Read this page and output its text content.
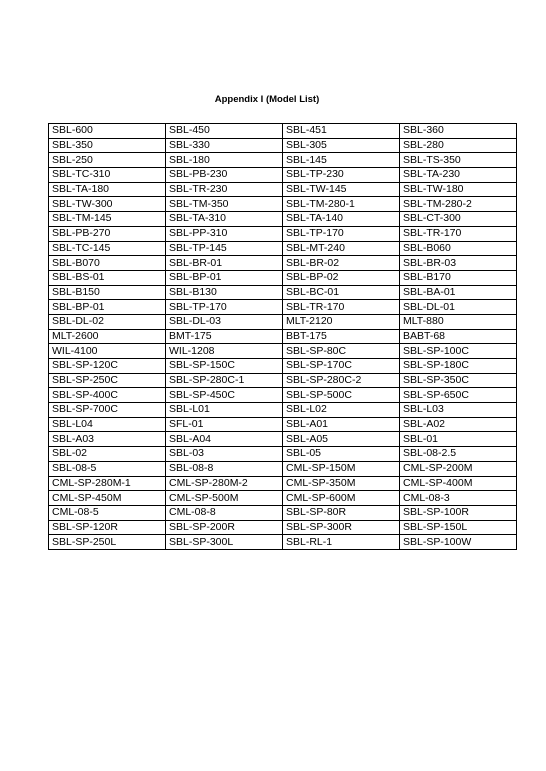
Appendix I (Model List)
SBL-600	SBL-450	SBL-451	SBL-360
SBL-350	SBL-330	SBL-305	SBL-280
SBL-250	SBL-180	SBL-145	SBL-TS-350
SBL-TC-310	SBL-PB-230	SBL-TP-230	SBL-TA-230
SBL-TA-180	SBL-TR-230	SBL-TW-145	SBL-TW-180
SBL-TW-300	SBL-TM-350	SBL-TM-280-1	SBL-TM-280-2
SBL-TM-145	SBL-TA-310	SBL-TA-140	SBL-CT-300
SBL-PB-270	SBL-PP-310	SBL-TP-170	SBL-TR-170
SBL-TC-145	SBL-TP-145	SBL-MT-240	SBL-B060
SBL-B070	SBL-BR-01	SBL-BR-02	SBL-BR-03
SBL-BS-01	SBL-BP-01	SBL-BP-02	SBL-B170
SBL-B150	SBL-B130	SBL-BC-01	SBL-BA-01
SBL-BP-01	SBL-TP-170	SBL-TR-170	SBL-DL-01
SBL-DL-02	SBL-DL-03	MLT-2120	MLT-880
MLT-2600	BMT-175	BBT-175	BABT-68
WIL-4100	WIL-1208	SBL-SP-80C	SBL-SP-100C
SBL-SP-120C	SBL-SP-150C	SBL-SP-170C	SBL-SP-180C
SBL-SP-250C	SBL-SP-280C-1	SBL-SP-280C-2	SBL-SP-350C
SBL-SP-400C	SBL-SP-450C	SBL-SP-500C	SBL-SP-650C
SBL-SP-700C	SBL-L01	SBL-L02	SBL-L03
SBL-L04	SFL-01	SBL-A01	SBL-A02
SBL-A03	SBL-A04	SBL-A05	SBL-01
SBL-02	SBL-03	SBL-05	SBL-08-2.5
SBL-08-5	SBL-08-8	CML-SP-150M	CML-SP-200M
CML-SP-280M-1	CML-SP-280M-2	CML-SP-350M	CML-SP-400M
CML-SP-450M	CML-SP-500M	CML-SP-600M	CML-08-3
CML-08-5	CML-08-8	SBL-SP-80R	SBL-SP-100R
SBL-SP-120R	SBL-SP-200R	SBL-SP-300R	SBL-SP-150L
SBL-SP-250L	SBL-SP-300L	SBL-RL-1	SBL-SP-100W
